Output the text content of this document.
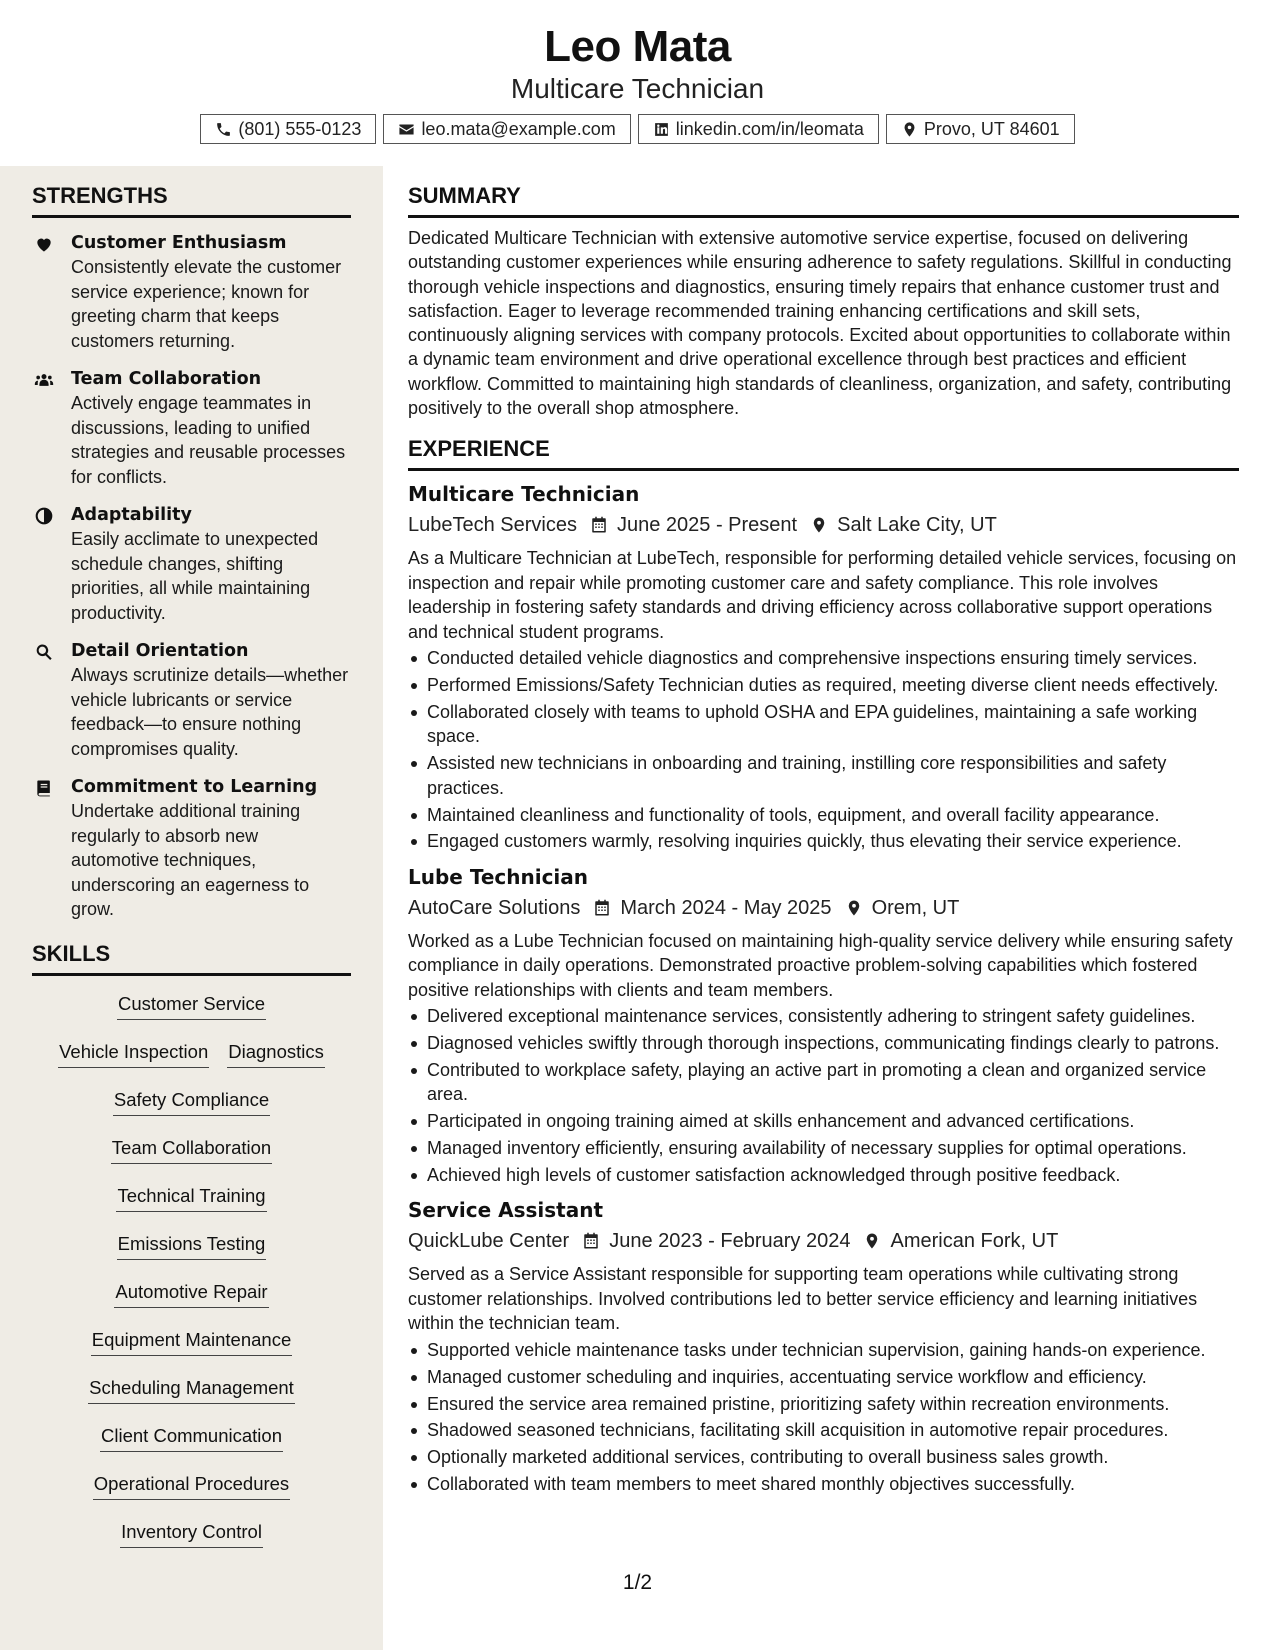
Leo Mata
Multicare Technician
(801) 555-0123	leo.mata@example.com	linkedin.com/in/leomata	Provo, UT 84601
STRENGTHS
Customer Enthusiasm
Consistently elevate the customer service experience; known for greeting charm that keeps customers returning.
Team Collaboration
Actively engage teammates in discussions, leading to unified strategies and reusable processes for conflicts.
Adaptability
Easily acclimate to unexpected schedule changes, shifting priorities, all while maintaining productivity.
Detail Orientation
Always scrutinize details—whether vehicle lubricants or service feedback—to ensure nothing compromises quality.
Commitment to Learning
Undertake additional training regularly to absorb new automotive techniques, underscoring an eagerness to grow.
SKILLS
Customer Service
Vehicle Inspection Diagnostics
Safety Compliance
Team Collaboration
Technical Training
Emissions Testing
Automotive Repair
Equipment Maintenance
Scheduling Management
Client Communication
Operational Procedures
Inventory Control
SUMMARY
Dedicated Multicare Technician with extensive automotive service expertise, focused on delivering outstanding customer experiences while ensuring adherence to safety regulations. Skillful in conducting thorough vehicle inspections and diagnostics, ensuring timely repairs that enhance customer trust and satisfaction. Eager to leverage recommended training enhancing certifications and skill sets, continuously aligning services with company protocols. Excited about opportunities to collaborate within a dynamic team environment and drive operational excellence through best practices and efficient workflow. Committed to maintaining high standards of cleanliness, organization, and safety, contributing positively to the overall shop atmosphere.
EXPERIENCE
Multicare Technician
LubeTech Services June 2025 - Present Salt Lake City, UT
As a Multicare Technician at LubeTech, responsible for performing detailed vehicle services, focusing on inspection and repair while promoting customer care and safety compliance. This role involves leadership in fostering safety standards and driving efficiency across collaborative support operations and technical student programs.
Conducted detailed vehicle diagnostics and comprehensive inspections ensuring timely services.
Performed Emissions/Safety Technician duties as required, meeting diverse client needs effectively.
Collaborated closely with teams to uphold OSHA and EPA guidelines, maintaining a safe working space.
Assisted new technicians in onboarding and training, instilling core responsibilities and safety practices.
Maintained cleanliness and functionality of tools, equipment, and overall facility appearance.
Engaged customers warmly, resolving inquiries quickly, thus elevating their service experience.
Lube Technician
AutoCare Solutions March 2024 - May 2025 Orem, UT
Worked as a Lube Technician focused on maintaining high-quality service delivery while ensuring safety compliance in daily operations. Demonstrated proactive problem-solving capabilities which fostered positive relationships with clients and team members.
Delivered exceptional maintenance services, consistently adhering to stringent safety guidelines.
Diagnosed vehicles swiftly through thorough inspections, communicating findings clearly to patrons.
Contributed to workplace safety, playing an active part in promoting a clean and organized service area.
Participated in ongoing training aimed at skills enhancement and advanced certifications.
Managed inventory efficiently, ensuring availability of necessary supplies for optimal operations.
Achieved high levels of customer satisfaction acknowledged through positive feedback.
Service Assistant
QuickLube Center June 2023 - February 2024 American Fork, UT
Served as a Service Assistant responsible for supporting team operations while cultivating strong customer relationships. Involved contributions led to better service efficiency and learning initiatives within the technician team.
Supported vehicle maintenance tasks under technician supervision, gaining hands-on experience.
Managed customer scheduling and inquiries, accentuating service workflow and efficiency.
Ensured the service area remained pristine, prioritizing safety within recreation environments.
Shadowed seasoned technicians, facilitating skill acquisition in automotive repair procedures.
Optionally marketed additional services, contributing to overall business sales growth.
Collaborated with team members to meet shared monthly objectives successfully.
1/2
